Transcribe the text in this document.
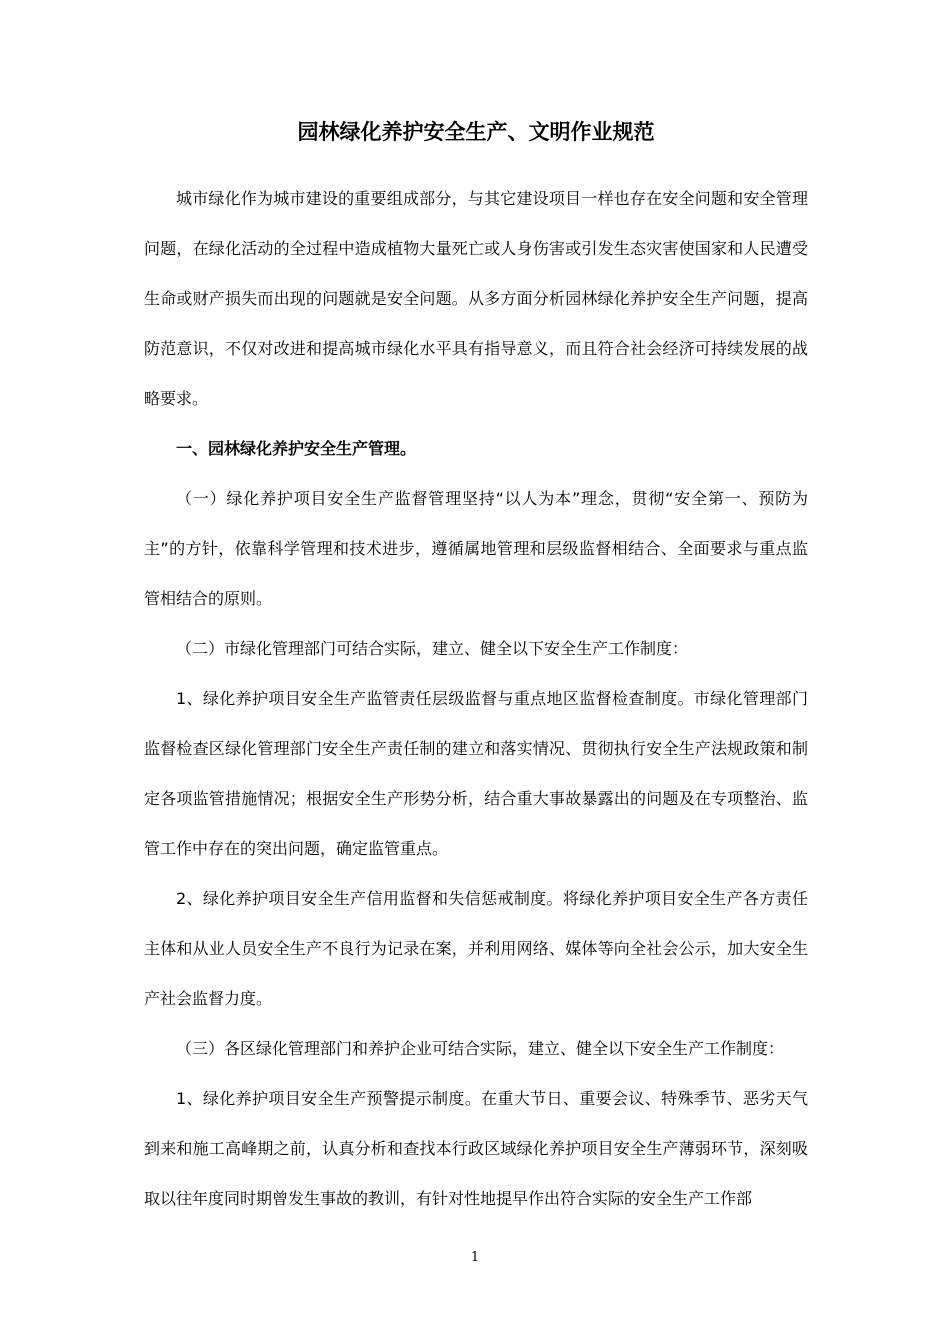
园林绿化养护安全生产、文明作业规范

城市绿化作为城市建设的重要组成部分，与其它建设项目一样也存在安全问题和安全管理问题，在绿化活动的全过程中造成植物大量死亡或人身伤害或引发生态灾害使国家和人民遭受生命或财产损失而出现的问题就是安全问题。从多方面分析园林绿化养护安全生产问题，提高防范意识，不仅对改进和提高城市绿化水平具有指导意义，而且符合社会经济可持续发展的战略要求。

一、园林绿化养护安全生产管理。

（一）绿化养护项目安全生产监督管理坚持“以人为本”理念，贯彻“安全第一、预防为主”的方针，依靠科学管理和技术进步，遵循属地管理和层级监督相结合、全面要求与重点监管相结合的原则。

（二）市绿化管理部门可结合实际，建立、健全以下安全生产工作制度：

1、绿化养护项目安全生产监管责任层级监督与重点地区监督检查制度。市绿化管理部门监督检查区绿化管理部门安全生产责任制的建立和落实情况、贯彻执行安全生产法规政策和制定各项监管措施情况；根据安全生产形势分析，结合重大事故暴露出的问题及在专项整治、监管工作中存在的突出问题，确定监管重点。

2、绿化养护项目安全生产信用监督和失信惩戒制度。将绿化养护项目安全生产各方责任主体和从业人员安全生产不良行为记录在案，并利用网络、媒体等向全社会公示，加大安全生产社会监督力度。

（三）各区绿化管理部门和养护企业可结合实际，建立、健全以下安全生产工作制度：

1、绿化养护项目安全生产预警提示制度。在重大节日、重要会议、特殊季节、恶劣天气到来和施工高峰期之前，认真分析和查找本行政区域绿化养护项目安全生产薄弱环节，深刻吸取以往年度同时期曾发生事故的教训，有针对性地提早作出符合实际的安全生产工作部

1
